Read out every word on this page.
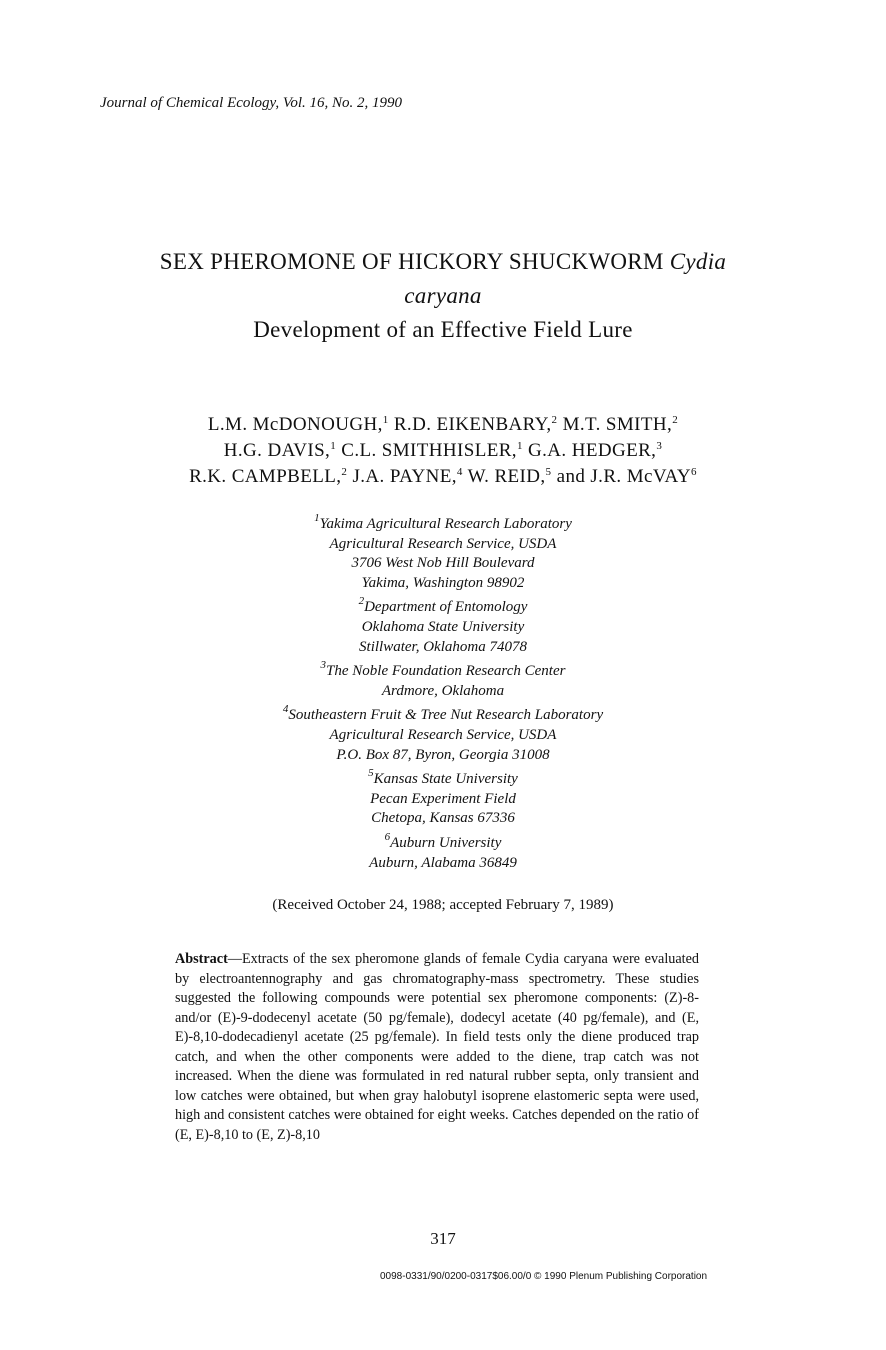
Journal of Chemical Ecology, Vol. 16, No. 2, 1990
SEX PHEROMONE OF HICKORY SHUCKWORM Cydia
caryana
Development of an Effective Field Lure
L.M. McDONOUGH,$^1$ R.D. EIKENBARY,$^2$ M.T. SMITH,$^2$
H.G. DAVIS,$^1$ C.L. SMITHHISLER,$^1$ G.A. HEDGER,$^3$
R.K. CAMPBELL,$^2$ J.A. PAYNE,$^4$ W. REID,$^5$ and J.R. McVAY$^6$
$^1$Yakima Agricultural Research Laboratory
Agricultural Research Service, USDA
3706 West Nob Hill Boulevard
Yakima, Washington 98902
$^2$Department of Entomology
Oklahoma State University
Stillwater, Oklahoma 74078
$^3$The Noble Foundation Research Center
Ardmore, Oklahoma
$^4$Southeastern Fruit & Tree Nut Research Laboratory
Agricultural Research Service, USDA
P.O. Box 87, Byron, Georgia 31008
$^5$Kansas State University
Pecan Experiment Field
Chetopa, Kansas 67336
$^6$Auburn University
Auburn, Alabama 36849
(Received October 24, 1988; accepted February 7, 1989)
Abstract—Extracts of the sex pheromone glands of female Cydia caryana were evaluated by electroantennography and gas chromatography-mass spectrometry. These studies suggested the following compounds were potential sex pheromone components: (Z)-8- and/or (E)-9-dodecenyl acetate (50 pg/female), dodecyl acetate (40 pg/female), and (E, E)-8,10-dodecadienyl acetate (25 pg/female). In field tests only the diene produced trap catch, and when the other components were added to the diene, trap catch was not increased. When the diene was formulated in red natural rubber septa, only transient and low catches were obtained, but when gray halobutyl isoprene elastomeric septa were used, high and consistent catches were obtained for eight weeks. Catches depended on the ratio of (E, E)-8,10 to (E, Z)-8,10
317
0098-0331/90/0200-0317$06.00/0 © 1990 Plenum Publishing Corporation
